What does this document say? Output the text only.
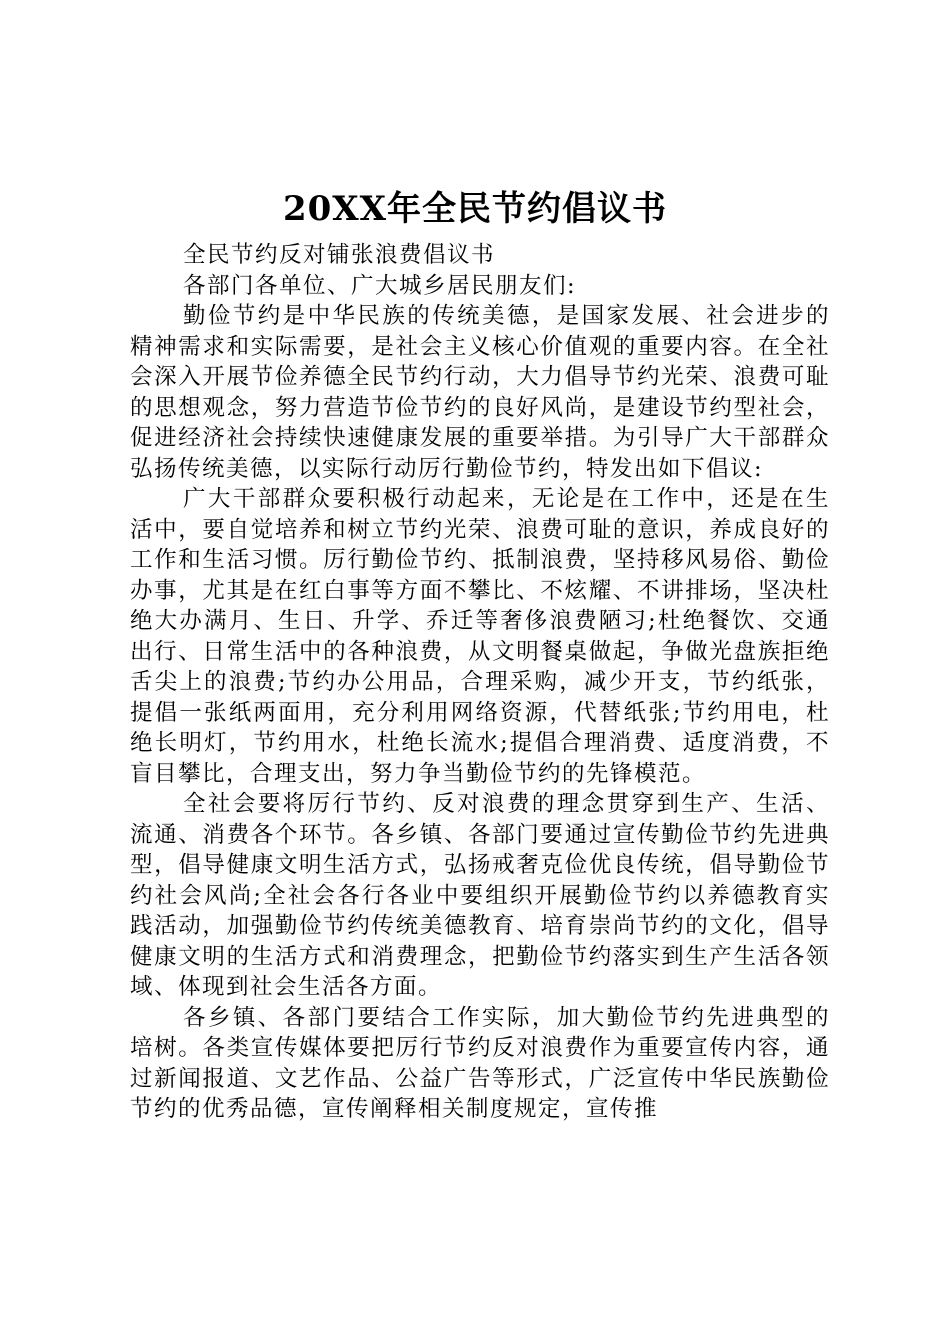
20XX年全民节约倡议书

全民节约反对铺张浪费倡议书

各部门各单位、广大城乡居民朋友们:

勤俭节约是中华民族的传统美德，是国家发展、社会进步的精神需求和实际需要，是社会主义核心价值观的重要内容。在全社会深入开展节俭养德全民节约行动，大力倡导节约光荣、浪费可耻的思想观念，努力营造节俭节约的良好风尚，是建设节约型社会，促进经济社会持续快速健康发展的重要举措。为引导广大干部群众弘扬传统美德，以实际行动厉行勤俭节约，特发出如下倡议:

广大干部群众要积极行动起来，无论是在工作中，还是在生活中，要自觉培养和树立节约光荣、浪费可耻的意识，养成良好的工作和生活习惯。厉行勤俭节约、抵制浪费，坚持移风易俗、勤俭办事，尤其是在红白事等方面不攀比、不炫耀、不讲排场，坚决杜绝大办满月、生日、升学、乔迁等奢侈浪费陋习;杜绝餐饮、交通出行、日常生活中的各种浪费，从文明餐桌做起，争做光盘族拒绝舌尖上的浪费;节约办公用品，合理采购，减少开支，节约纸张，提倡一张纸两面用，充分利用网络资源，代替纸张;节约用电，杜绝长明灯，节约用水，杜绝长流水;提倡合理消费、适度消费，不盲目攀比，合理支出，努力争当勤俭节约的先锋模范。

全社会要将厉行节约、反对浪费的理念贯穿到生产、生活、流通、消费各个环节。各乡镇、各部门要通过宣传勤俭节约先进典型，倡导健康文明生活方式，弘扬戒奢克俭优良传统，倡导勤俭节约社会风尚;全社会各行各业中要组织开展勤俭节约以养德教育实践活动，加强勤俭节约传统美德教育、培育崇尚节约的文化，倡导健康文明的生活方式和消费理念，把勤俭节约落实到生产生活各领域、体现到社会生活各方面。

各乡镇、各部门要结合工作实际，加大勤俭节约先进典型的培树。各类宣传媒体要把厉行节约反对浪费作为重要宣传内容，通过新闻报道、文艺作品、公益广告等形式，广泛宣传中华民族勤俭节约的优秀品德，宣传阐释相关制度规定，宣传推
